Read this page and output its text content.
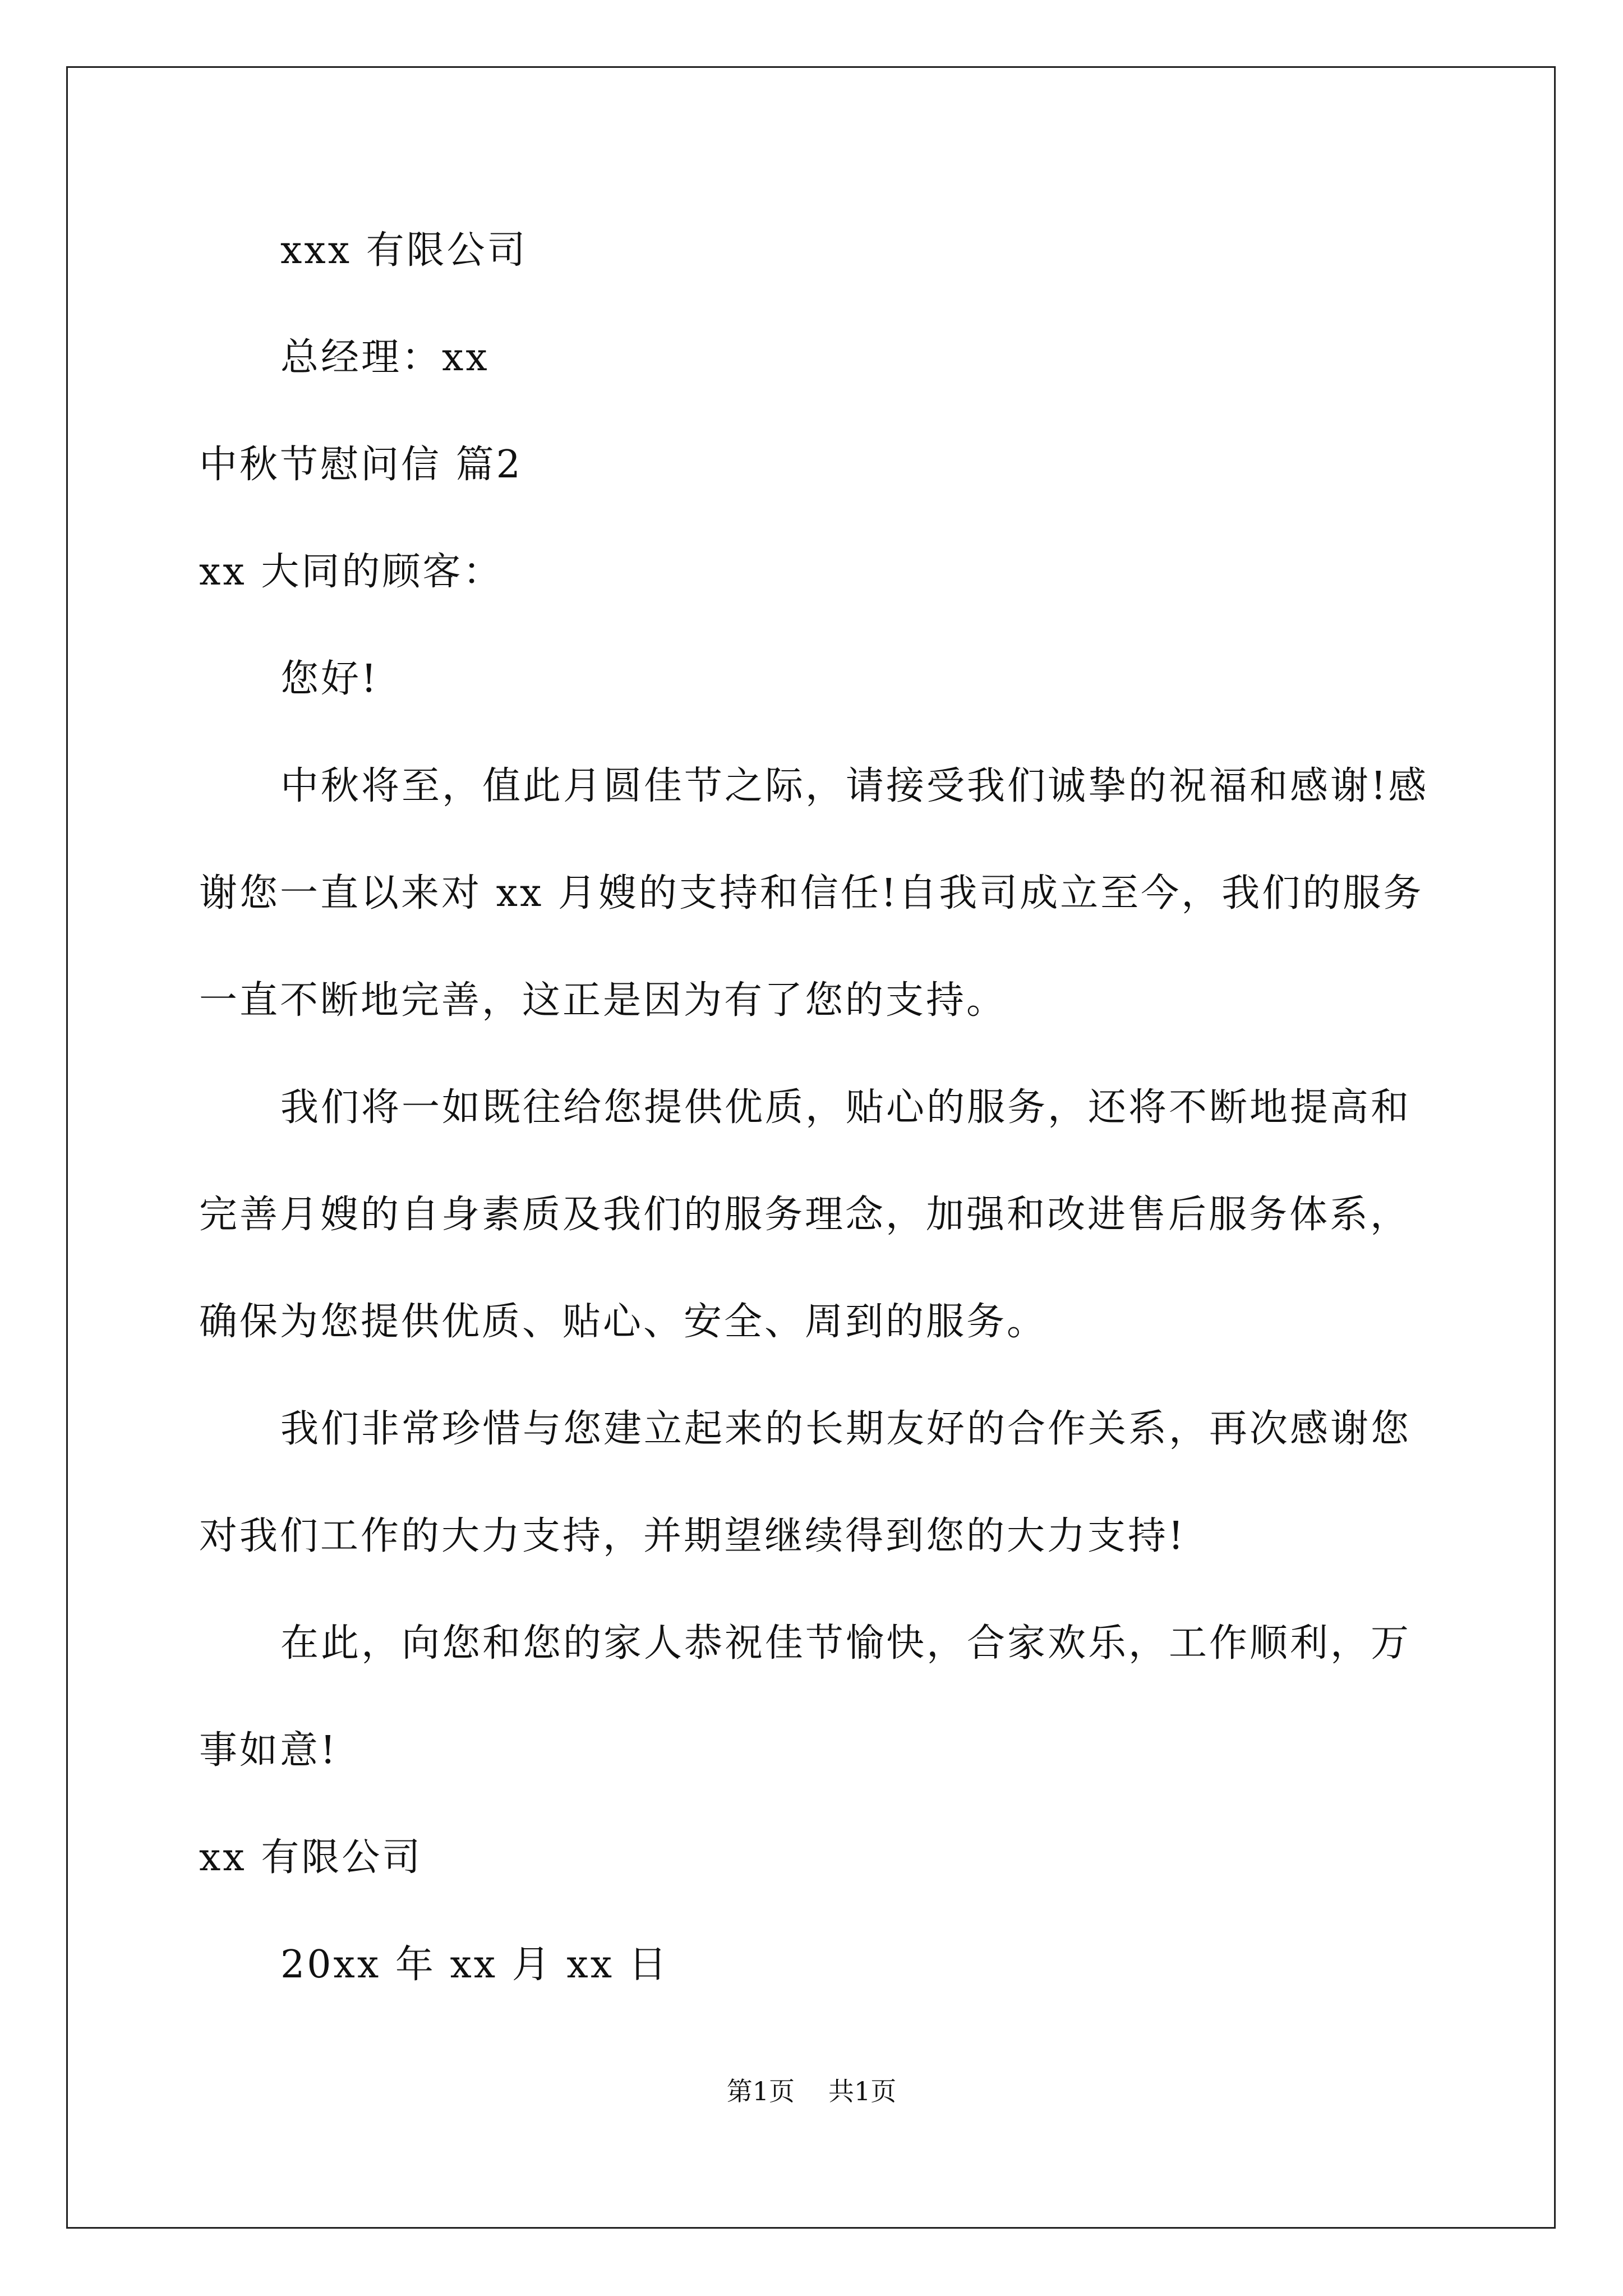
xxx 有限公司
总经理：xx
中秋节慰问信 篇2
xx 大同的顾客：
您好!
中秋将至，值此月圆佳节之际，请接受我们诚挚的祝福和感谢!感
谢您一直以来对 xx 月嫂的支持和信任!自我司成立至今，我们的服务
一直不断地完善，这正是因为有了您的支持。
我们将一如既往给您提供优质，贴心的服务，还将不断地提高和
完善月嫂的自身素质及我们的服务理念，加强和改进售后服务体系，
确保为您提供优质、贴心、安全、周到的服务。
我们非常珍惜与您建立起来的长期友好的合作关系，再次感谢您
对我们工作的大力支持，并期望继续得到您的大力支持!
在此，向您和您的家人恭祝佳节愉快，合家欢乐，工作顺利，万
事如意!
xx 有限公司
20xx 年 xx 月 xx 日
第1页 共1页
